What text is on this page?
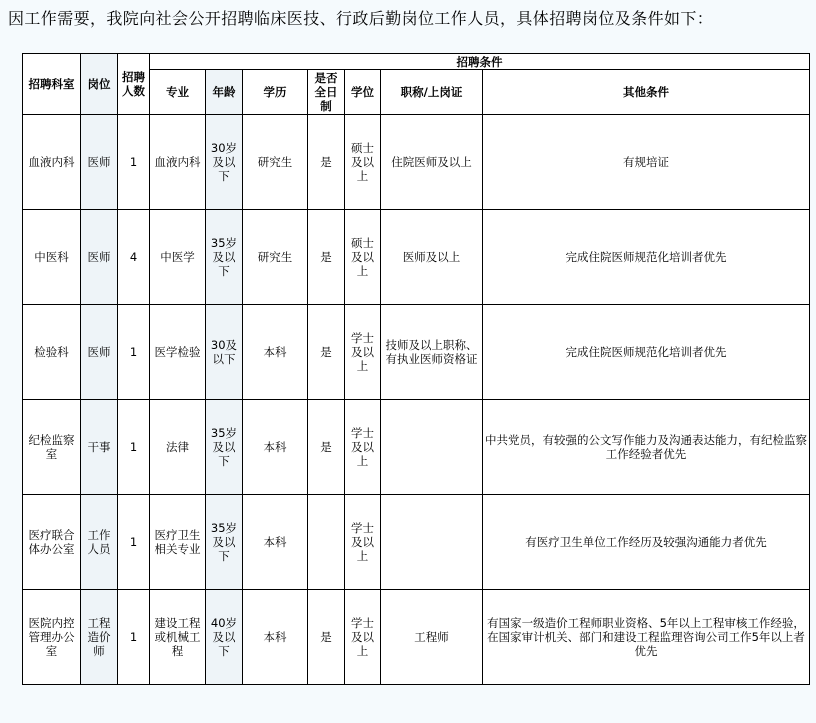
因工作需要，我院向社会公开招聘临床医技、行政后勤岗位工作人员，具体招聘岗位及条件如下：
招聘科室	岗位	招聘人数	招聘条件						
			专业	年龄	学历	是否全日制	学位	职称/上岗证	其他条件
血液内科	医师	1	血液内科	30岁及以下	研究生	是	硕士及以上	住院医师及以上	有规培证
中医科	医师	4	中医学	35岁及以下	研究生	是	硕士及以上	医师及以上	完成住院医师规范化培训者优先
检验科	医师	1	医学检验	30及以下	本科	是	学士及以上	技师及以上职称、有执业医师资格证	完成住院医师规范化培训者优先
纪检监察室	干事	1	法律	35岁及以下	本科	是	学士及以上		中共党员，有较强的公文写作能力及沟通表达能力，有纪检监察工作经验者优先
医疗联合体办公室	工作人员	1	医疗卫生相关专业	35岁及以下	本科		学士及以上		有医疗卫生单位工作经历及较强沟通能力者优先
医院内控管理办公室	工程造价师	1	建设工程或机械工程	40岁及以下	本科	是	学士及以上	工程师	有国家一级造价工程师职业资格、5年以上工程审核工作经验，在国家审计机关、部门和建设工程监理咨询公司工作5年以上者优先
